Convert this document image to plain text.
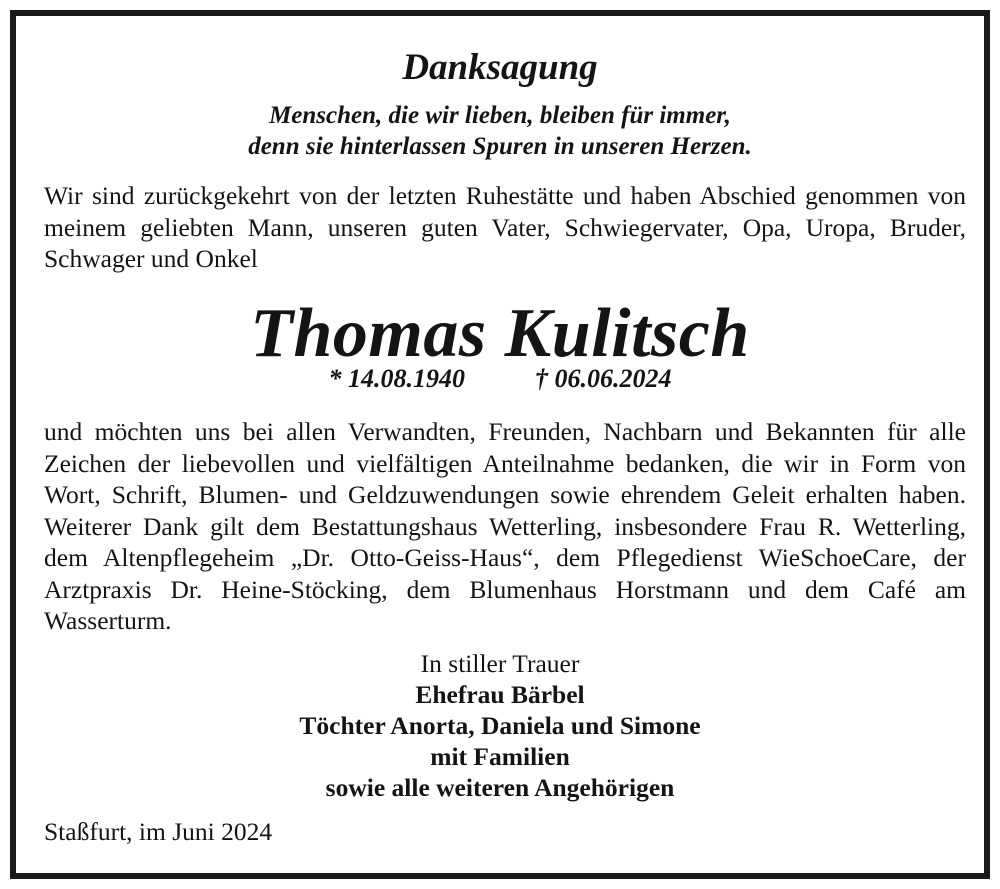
Danksagung
Menschen, die wir lieben, bleiben für immer,
denn sie hinterlassen Spuren in unseren Herzen.

Wir sind zurückgekehrt von der letzten Ruhestätte und haben Abschied genommen von meinem geliebten Mann, unseren guten Vater, Schwiegervater, Opa, Uropa, Bruder, Schwager und Onkel

Thomas Kulitsch
* 14.08.1940	† 06.06.2024

und möchten uns bei allen Verwandten, Freunden, Nachbarn und Bekannten für alle Zeichen der liebevollen und vielfältigen Anteilnahme bedanken, die wir in Form von Wort, Schrift, Blumen- und Geldzuwendungen sowie ehrendem Geleit erhalten haben. Weiterer Dank gilt dem Bestattungshaus Wetterling, insbesondere Frau R. Wetterling, dem Altenpflegeheim „Dr. Otto-Geiss-Haus“, dem Pflegedienst WieSchoeCare, der Arztpraxis Dr. Heine-Stöcking, dem Blumenhaus Horstmann und dem Café am Wasserturm.

In stiller Trauer
Ehefrau Bärbel
Töchter Anorta, Daniela und Simone
mit Familien
sowie alle weiteren Angehörigen
Staßfurt, im Juni 2024
